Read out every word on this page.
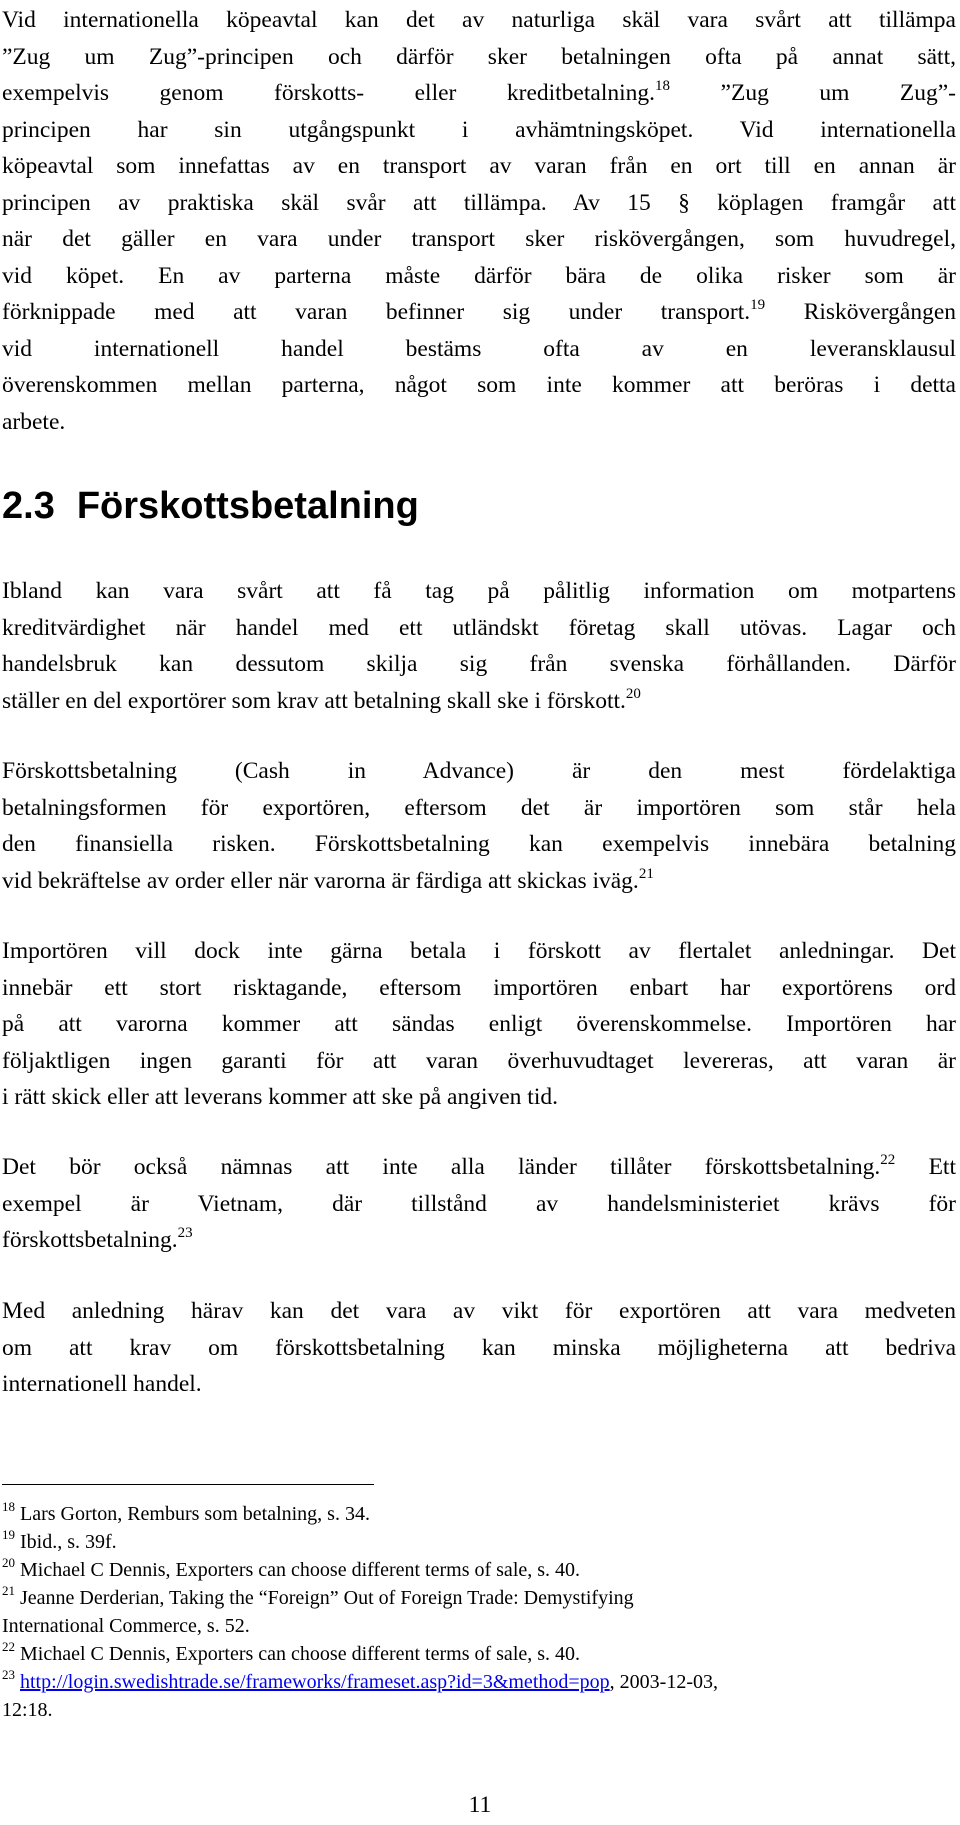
Vid internationella köpeavtal kan det av naturliga skäl vara svårt att tillämpa
”Zug um Zug”-principen och därför sker betalningen ofta på annat sätt,
exempelvis genom förskotts- eller kreditbetalning.$^{18}$ ”Zug um Zug”-
principen har sin utgångspunkt i avhämtningsköpet. Vid internationella
köpeavtal som innefattas av en transport av varan från en ort till en annan är
principen av praktiska skäl svår att tillämpa. Av 15 § köplagen framgår att
när det gäller en vara under transport sker riskövergången, som huvudregel,
vid köpet. En av parterna måste därför bära de olika risker som är
förknippade med att varan befinner sig under transport.$^{19}$ Riskövergången
vid internationell handel bestäms ofta av en leveransklausul
överenskommen mellan parterna, något som inte kommer att beröras i detta
arbete.
2.3 Förskottsbetalning
Ibland kan vara svårt att få tag på pålitlig information om motpartens
kreditvärdighet när handel med ett utländskt företag skall utövas. Lagar och
handelsbruk kan dessutom skilja sig från svenska förhållanden. Därför
ställer en del exportörer som krav att betalning skall ske i förskott.$^{20}$
Förskottsbetalning (Cash in Advance) är den mest fördelaktiga
betalningsformen för exportören, eftersom det är importören som står hela
den finansiella risken. Förskottsbetalning kan exempelvis innebära betalning
vid bekräftelse av order eller när varorna är färdiga att skickas iväg.$^{21}$
Importören vill dock inte gärna betala i förskott av flertalet anledningar. Det
innebär ett stort risktagande, eftersom importören enbart har exportörens ord
på att varorna kommer att sändas enligt överenskommelse. Importören har
följaktligen ingen garanti för att varan överhuvudtaget levereras, att varan är
i rätt skick eller att leverans kommer att ske på angiven tid.
Det bör också nämnas att inte alla länder tillåter förskottsbetalning.$^{22}$ Ett
exempel är Vietnam, där tillstånd av handelsministeriet krävs för
förskottsbetalning.$^{23}$
Med anledning härav kan det vara av vikt för exportören att vara medveten
om att krav om förskottsbetalning kan minska möjligheterna att bedriva
internationell handel.
$^{18}$ Lars Gorton, Remburs som betalning, s. 34.
$^{19}$ Ibid., s. 39f.
$^{20}$ Michael C Dennis, Exporters can choose different terms of sale, s. 40.
$^{21}$ Jeanne Derderian, Taking the “Foreign” Out of Foreign Trade: Demystifying
International Commerce, s. 52.
$^{22}$ Michael C Dennis, Exporters can choose different terms of sale, s. 40.
$^{23}$ http://login.swedishtrade.se/frameworks/frameset.asp?id=3&method=pop, 2003-12-03,
12:18.
11
